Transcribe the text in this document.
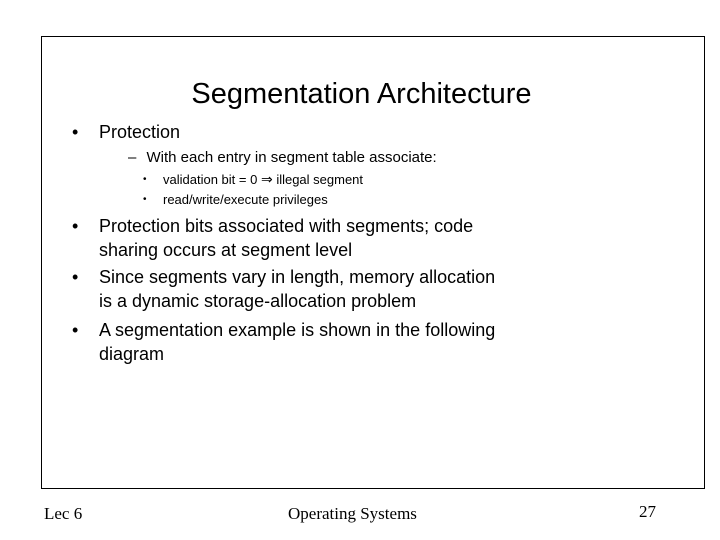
Segmentation Architecture
• Protection
– With each entry in segment table associate:
• validation bit = 0 ⇒ illegal segment
• read/write/execute privileges
• Protection bits associated with segments; code
sharing occurs at segment level
• Since segments vary in length, memory allocation
is a dynamic storage-allocation problem
• A segmentation example is shown in the following
diagram
Lec 6	Operating Systems	27
